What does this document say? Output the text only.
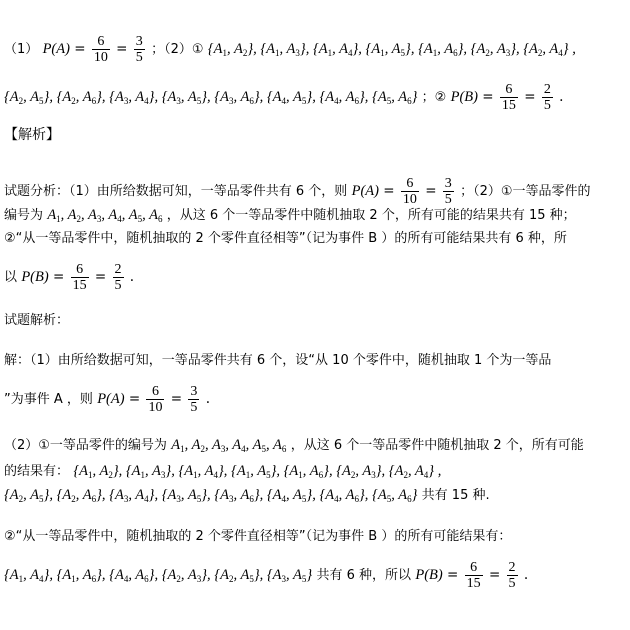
（1） $P(A) = \frac{6}{10} = \frac{3}{5}$ ；（2）① {$A_1$, $A_2$}, {$A_1$, $A_3$}, {$A_1$, $A_4$}, {$A_1$, $A_5$}, {$A_1$, $A_6$}, {$A_2$, $A_3$}, {$A_2$, $A_4$} ,
{$A_2$, $A_5$}, {$A_2$, $A_6$}, {$A_3$, $A_4$}, {$A_3$, $A_5$}, {$A_3$, $A_6$}, {$A_4$, $A_5$}, {$A_4$, $A_6$}, {$A_5$, $A_6$} ；② $P(B) = \frac{6}{15} = \frac{2}{5}$ .
【解析】
试题分析：（1）由所给数据可知，一等品零件共有 6 个，则 $P(A) = \frac{6}{10} = \frac{3}{5}$ ；（2）①一等品零件的
编号为 $A_1$, $A_2$, $A_3$, $A_4$, $A_5$, $A_6$ ，从这 6 个一等品零件中随机抽取 2 个，所有可能的结果共有 15 种；
②“从一等品零件中，随机抽取的 2 个零件直径相等”（记为事件 B ）的所有可能结果共有 6 种，所
以 $P(B) = \frac{6}{15} = \frac{2}{5}$ .
试题解析：
解：（1）由所给数据可知，一等品零件共有 6 个，设“从 10 个零件中，随机抽取 1 个为一等品
”为事件 A ，则 $P(A) = \frac{6}{10} = \frac{3}{5}$ .
（2）①一等品零件的编号为 $A_1$, $A_2$, $A_3$, $A_4$, $A_5$, $A_6$ ，从这 6 个一等品零件中随机抽取 2 个，所有可能
的结果有： {$A_1$, $A_2$}, {$A_1$, $A_3$}, {$A_1$, $A_4$}, {$A_1$, $A_5$}, {$A_1$, $A_6$}, {$A_2$, $A_3$}, {$A_2$, $A_4$} ,
{$A_2$, $A_5$}, {$A_2$, $A_6$}, {$A_3$, $A_4$}, {$A_3$, $A_5$}, {$A_3$, $A_6$}, {$A_4$, $A_5$}, {$A_4$, $A_6$}, {$A_5$, $A_6$} 共有 15 种.
②“从一等品零件中，随机抽取的 2 个零件直径相等”（记为事件 B ）的所有可能结果有：
{$A_1$, $A_4$}, {$A_1$, $A_6$}, {$A_4$, $A_6$}, {$A_2$, $A_3$}, {$A_2$, $A_5$}, {$A_3$, $A_5$} 共有 6 种，所以 $P(B) = \frac{6}{15} = \frac{2}{5}$ .
